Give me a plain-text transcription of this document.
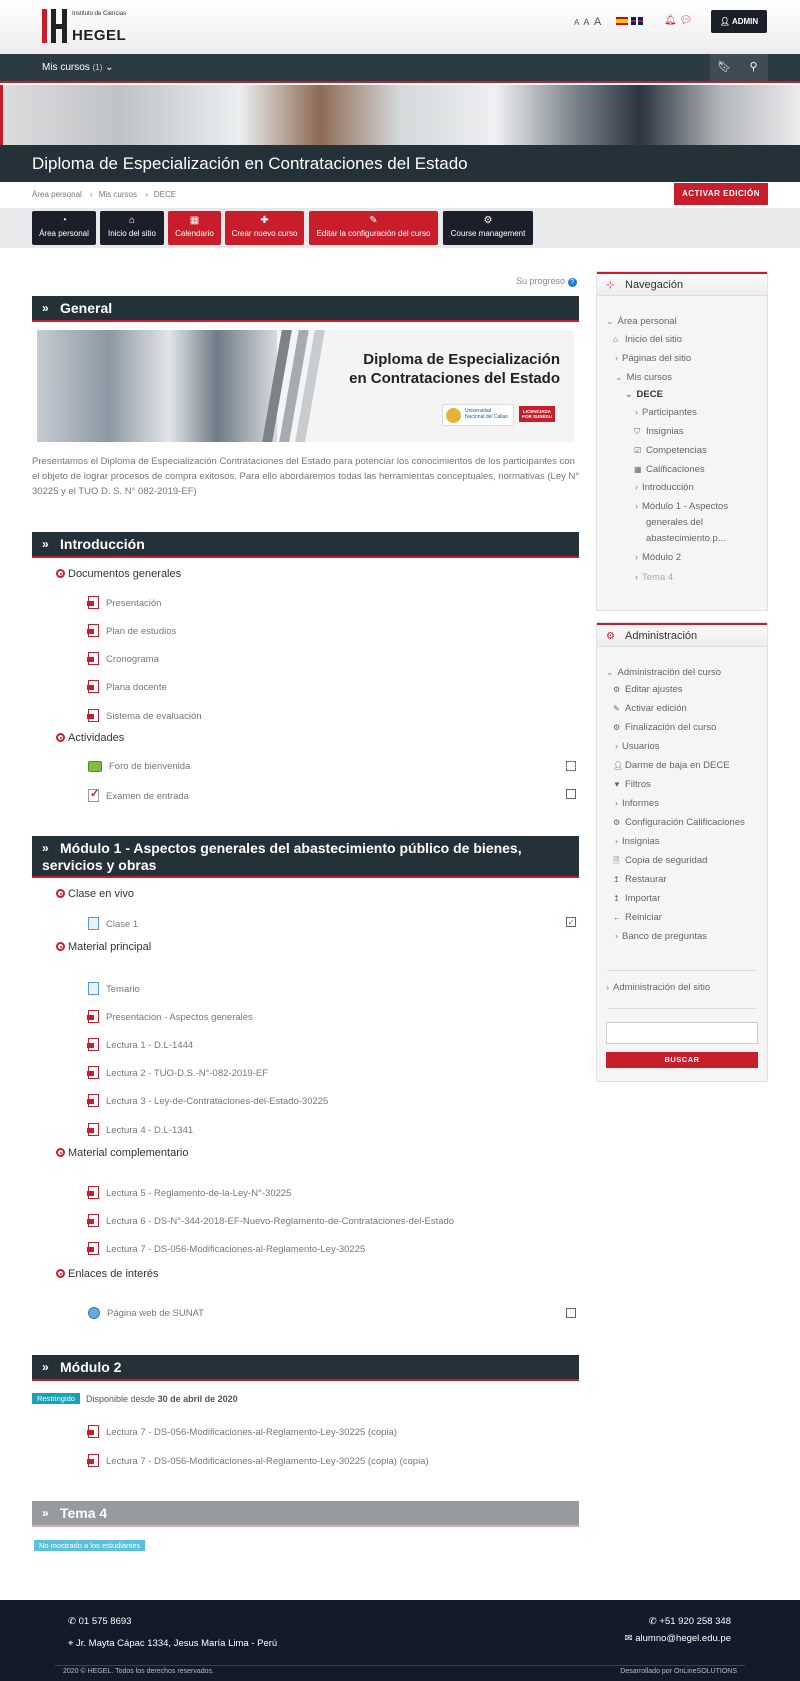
Instituto de Ciencias
HEGEL
A A A	🔔︎ 💬︎	👤︎ ADMIN
Mis cursos (1) ⌄	🔖︎	⚲
Diploma de Especialización en Contrataciones del Estado
Área personal › Mis cursos › DECE	ACTIVAR EDICIÓN
◔
Área personal
⌂
Inicio del sitio
▦
Calendario
✚
Crear nuevo curso
✎
Editar la configuración del curso
⚙
Course management
Su progreso ?
» General
Diploma de Especialización
en Contrataciones del Estado
Universidad Nacional del Callao
LICENCIADA POR SUNEDU
Presentamos el Diploma de Especialización Contrataciones del Estado para potenciar los conocimientos de los participantes con el objeto de lograr procesos de compra exitosos. Para ello abordaremos todas las herramientas conceptuales, normativas (Ley N° 30225 y el TUO D. S. N° 082-2019-EF)
» Introducción
Documentos generales
Presentación
Plan de estudios
Cronograma
Plana docente
Sistema de evaluación
Actividades
Foro de bienvenida
✓Examen de entrada
» Módulo 1 - Aspectos generales del abastecimiento público de bienes,
servicios y obras
Clase en vivo
Clase 1	✓
Material principal
Temario
Presentacion - Aspectos generales
Lectura 1 - D.L-1444
Lectura 2 - TUO-D.S.-N°-082-2019-EF
Lectura 3 - Ley-de-Contrataciones-del-Estado-30225
Lectura 4 - D.L-1341
Material complementario
Lectura 5 - Reglamento-de-la-Ley-N°-30225
Lectura 6 - DS-N°-344-2018-EF-Nuevo-Reglamento-de-Contrataciones-del-Estado
Lectura 7 - DS-056-Modificaciones-al-Reglamento-Ley-30225
Enlaces de interés
Página web de SUNAT
» Módulo 2
Restringido	Disponible desde 30 de abril de 2020
Lectura 7 - DS-056-Modificaciones-al-Reglamento-Ley-30225 (copia)
Lectura 7 - DS-056-Modificaciones-al-Reglamento-Ley-30225 (copia) (copia)
» Tema 4
No mostrado a los estudiantes
⊹ Navegación
⌄ Área personal
⌂ Inicio del sitio
› Páginas del sitio
⌄ Mis cursos
⌄ DECE
› Participantes
⛉ Insignias
☑ Competencias
▦ Calificaciones
› Introducción
› Módulo 1 - Aspectos
generales del
abastecimiento p...
› Módulo 2
› Tema 4
⚙ Administración
⌄ Administración del curso
⚙ Editar ajustes
✎ Activar edición
⚙ Finalización del curso
› Usuarios
👤︎ Darme de baja en DECE
▼ Filtros
› Informes
⚙ Configuración Calificaciones
› Insignias
🗎︎ Copia de seguridad
↥ Restaurar
↥ Importar
← Reiniciar
› Banco de preguntas
› Administración del sitio
BUSCAR
✆ 01 575 8693
⌖ Jr. Mayta Cápac 1334, Jesus María Lima - Perú
✆ +51 920 258 348
✉ alumno@hegel.edu.pe
2020 © HEGEL. Todos los derechos reservados.	Desarrollado por OnLineSOLUTIONS
